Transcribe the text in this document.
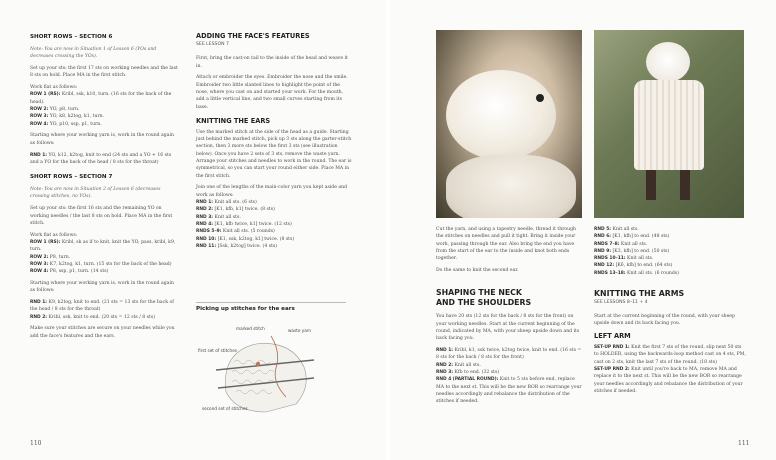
SHORT ROWS – SECTION 6

Note: You are now in Situation 1 of Lesson 6 (YOs and decreases crossing the YOs).

Set up your sts: the first 17 sts on working needles and the last 8 sts on hold. Place MA in the first stitch.

Work flat as follows:
ROW 1 (RS): Kribl, ssk, k10, turn. (16 sts for the back of the head).
ROW 2: YO, p8, turn.
ROW 3: YO, k8, k2tog, k1, turn.
ROW 4: YO, p10, ssp, p1, turn.

Starting where your working yarn is, work in the round again as follows:

RND 1: YO, k12, k2tog, knit to end (24 sts and a YO + 16 sts and a YO for the back of the head / 8 sts for the throat)

SHORT ROWS – SECTION 7

Note: You are now in Situation 2 of Lesson 6 (decreases crossing stitches, no YOs).

Set up your sts: the first 16 sts and the remaining YO on working needles / the last 8 sts on hold. Place MA in the first stitch.

Work flat as follows:
ROW 1 (RS): Kribl, sk as if to knit, knit the YO, pass, kribl, k9, turn.
ROW 2: P8, turn.
ROW 3: K7, k2tog, k1, turn. (15 sts for the back of the head)
ROW 4: P8, ssp, p1, turn. (14 sts)

Starting where your working yarn is, work in the round again as follows:

RND 1: K9, k2tog, knit to end. (21 sts = 13 sts for the back of the head / 8 sts for the throat)

RND 2: Kribl, ssk, knit to end. (20 sts = 12 sts / 8 sts)

Make sure your stitches are secure on your needles while you add the face's features and the ears.

ADDING THE FACE'S FEATURES
SEE LESSON 7

First, bring the cast-on tail to the inside of the head and weave it in.

Attach or embroider the eyes. Embroider the nose and the smile. Embroider two little slanted lines to highlight the point of the nose, where you cast on and started your work. For the mouth, add a little vertical line, and two small curves starting from its base.

KNITTING THE EARS

Use the marked stitch at the side of the head as a guide. Starting just behind the marked stitch, pick up 3 sts along the garter-stitch section, then 3 more sts below the first 3 sts (see illustration below). Once you have 2 sets of 3 sts, remove the waste yarn. Arrange your stitches and needles to work in the round. The ear is symmetrical, so you can start your round either side. Place MA in the first stitch.

Join one of the lengths of the main-color yarn you kept aside and work as follows:
RND 1: Knit all sts. (6 sts)
RND 2: [K1, kfb, k1] twice. (8 sts)
RND 3: Knit all sts.
RND 4: [K1, kfb twice, k1] twice. (12 sts)
RNDS 5–9: Knit all sts. (5 rounds)
RND 10: [K1, ssk, k2tog, k1] twice. (8 sts)
RND 11: [Ssk, k2tog] twice. (4 sts)
Picking up stitches for the ears
marked stitch	waste yarn
first set of stitches
second set of stitches
110

Cut the yarn, and using a tapestry needle, thread it through the stitches on needles and pull it tight. Bring it inside your work, passing through the ear. Also bring the end you have from the start of the ear to the inside and knot both ends together.

Do the same to knit the second ear.

SHAPING THE NECK
AND THE SHOULDERS

You have 20 sts (12 sts for the back / 8 sts for the front) on your working needles. Start at the current beginning of the round, indicated by MA, with your sheep upside down and its back facing you.

RND 1: Kribl, k1, ssk twice, k2tog twice, knit to end. (16 sts = 8 sts for the back / 8 sts for the front)
RND 2: Knit all sts.
RND 3: Kfb to end. (32 sts)
RND 4 (PARTIAL ROUND): Knit to 5 sts before end, replace MA to the next st. This will be the new BOR so rearrange your needles accordingly and rebalance the distribution of the stitches if needed.
RND 5: Knit all sts.
RND 6: [K1, kfb] to end. (48 sts)
RNDS 7–8: Knit all sts.
RND 9: [K3, kfb] to end. (50 sts)
RNDS 10–11: Knit all sts.
RND 12: [K6, kfb] to end. (64 sts)
RNDS 13–18: Knit all sts. (6 rounds)
KNITTING THE ARMS
SEE LESSONS 8–11 + 4

Start at the current beginning of the round, with your sheep upside down and its back facing you.

LEFT ARM
SET-UP RND 1: Knit the first 7 sts of the round, slip next 50 sts to HOLDER, using the backwards-loop method cast on 4 sts, PM, cast on 2 sts, knit the last 7 sts of the round. (18 sts)
SET-UP RND 2: Knit until you're back to MA, remove MA and replace it to the next st. This will be the new BOR so rearrange your needles accordingly and rebalance the distribution of your stitches if needed.
111
